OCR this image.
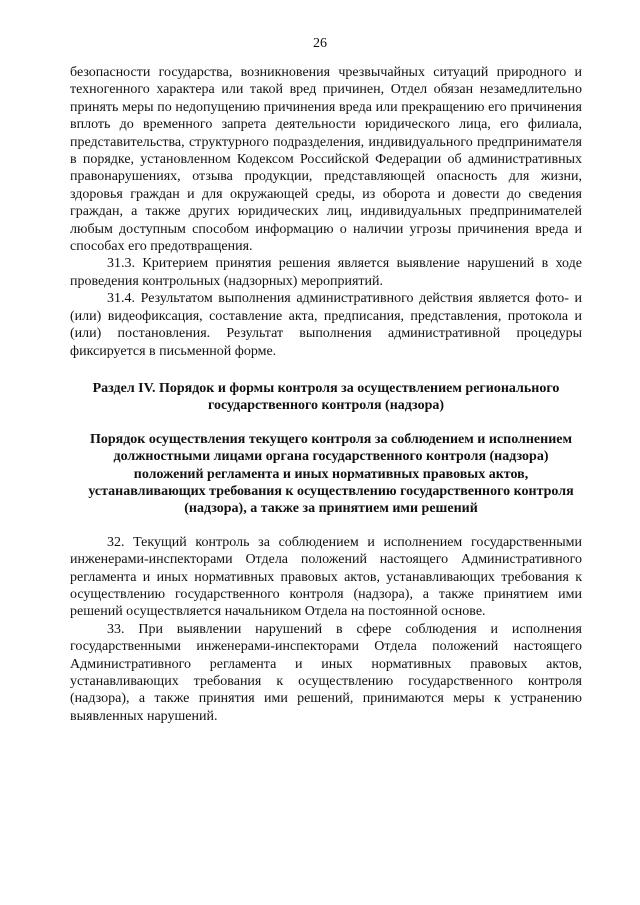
26

безопасности государства, возникновения чрезвычайных ситуаций природного и техногенного характера или такой вред причинен, Отдел обязан незамедлительно принять меры по недопущению причинения вреда или прекращению его причинения вплоть до временного запрета деятельности юридического лица, его филиала, представительства, структурного подразделения, индивидуального предпринимателя в порядке, установленном Кодексом Российской Федерации об административных правонарушениях, отзыва продукции, представляющей опасность для жизни, здоровья граждан и для окружающей среды, из оборота и довести до сведения граждан, а также других юридических лиц, индивидуальных предпринимателей любым доступным способом информацию о наличии угрозы причинения вреда и способах его предотвращения.

31.3. Критерием принятия решения является выявление нарушений в ходе проведения контрольных (надзорных) мероприятий.

31.4. Результатом выполнения административного действия является фото- и (или) видеофиксация, составление акта, предписания, представления, протокола и (или) постановления. Результат выполнения административной процедуры фиксируется в письменной форме.

Раздел IV. Порядок и формы контроля за осуществлением регионального государственного контроля (надзора)
Порядок осуществления текущего контроля за соблюдением и исполнением должностными лицами органа государственного контроля (надзора) положений регламента и иных нормативных правовых актов, устанавливающих требования к осуществлению государственного контроля (надзора), а также за принятием ими решений

32. Текущий контроль за соблюдением и исполнением государственными инженерами-инспекторами Отдела положений настоящего Административного регламента и иных нормативных правовых актов, устанавливающих требования к осуществлению государственного контроля (надзора), а также принятием ими решений осуществляется начальником Отдела на постоянной основе.

33. При выявлении нарушений в сфере соблюдения и исполнения государственными инженерами-инспекторами Отдела положений настоящего Административного регламента и иных нормативных правовых актов, устанавливающих требования к осуществлению государственного контроля (надзора), а также принятия ими решений, принимаются меры к устранению выявленных нарушений.
